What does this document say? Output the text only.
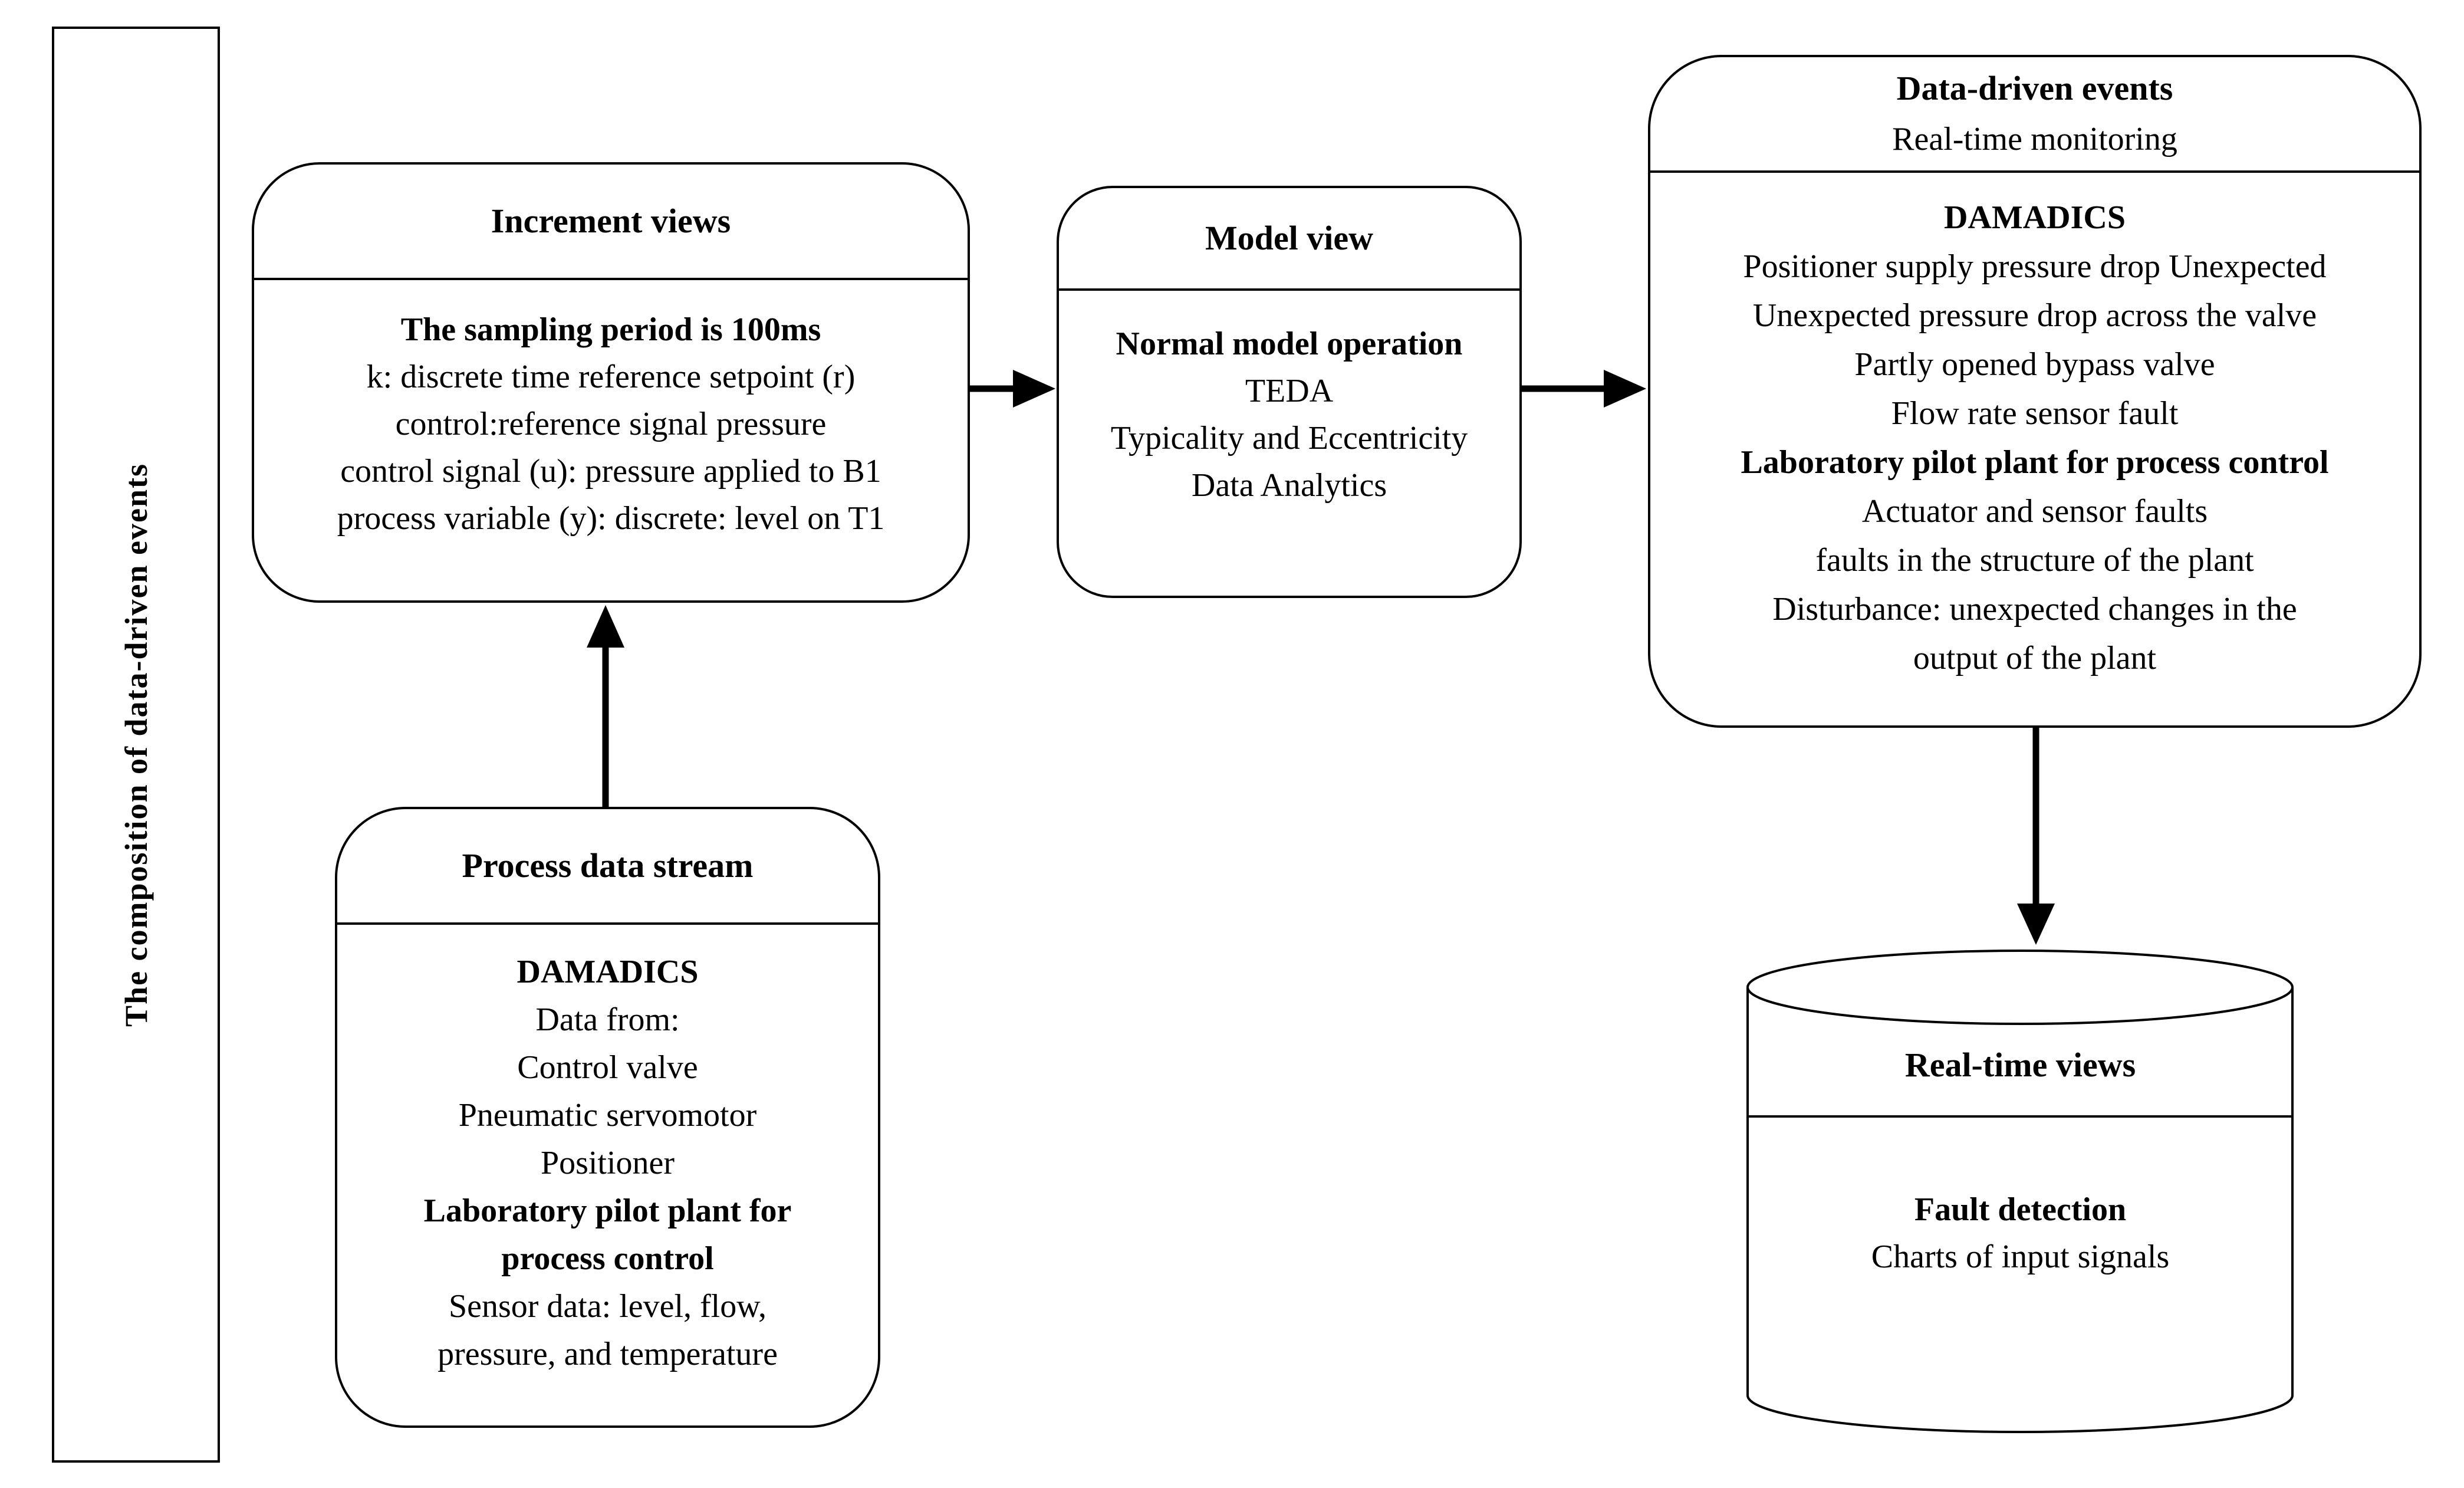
The composition of data-driven events
Increment views
The sampling period is 100ms
k: discrete time reference setpoint (r)
control:reference signal pressure
control signal (u): pressure applied to B1
process variable (y): discrete: level on T1
Model view
Normal model operation
TEDA
Typicality and Eccentricity
Data Analytics
Data-driven events
Real-time monitoring
DAMADICS
Positioner supply pressure drop Unexpected
Unexpected pressure drop across the valve
Partly opened bypass valve
Flow rate sensor fault
Laboratory pilot plant for process control
Actuator and sensor faults
faults in the structure of the plant
Disturbance: unexpected changes in the
output of the plant
Process data stream
DAMADICS
Data from:
Control valve
Pneumatic servomotor
Positioner
Laboratory pilot plant for
process control
Sensor data: level, flow,
pressure, and temperature
Real-time views
Fault detection
Charts of input signals
